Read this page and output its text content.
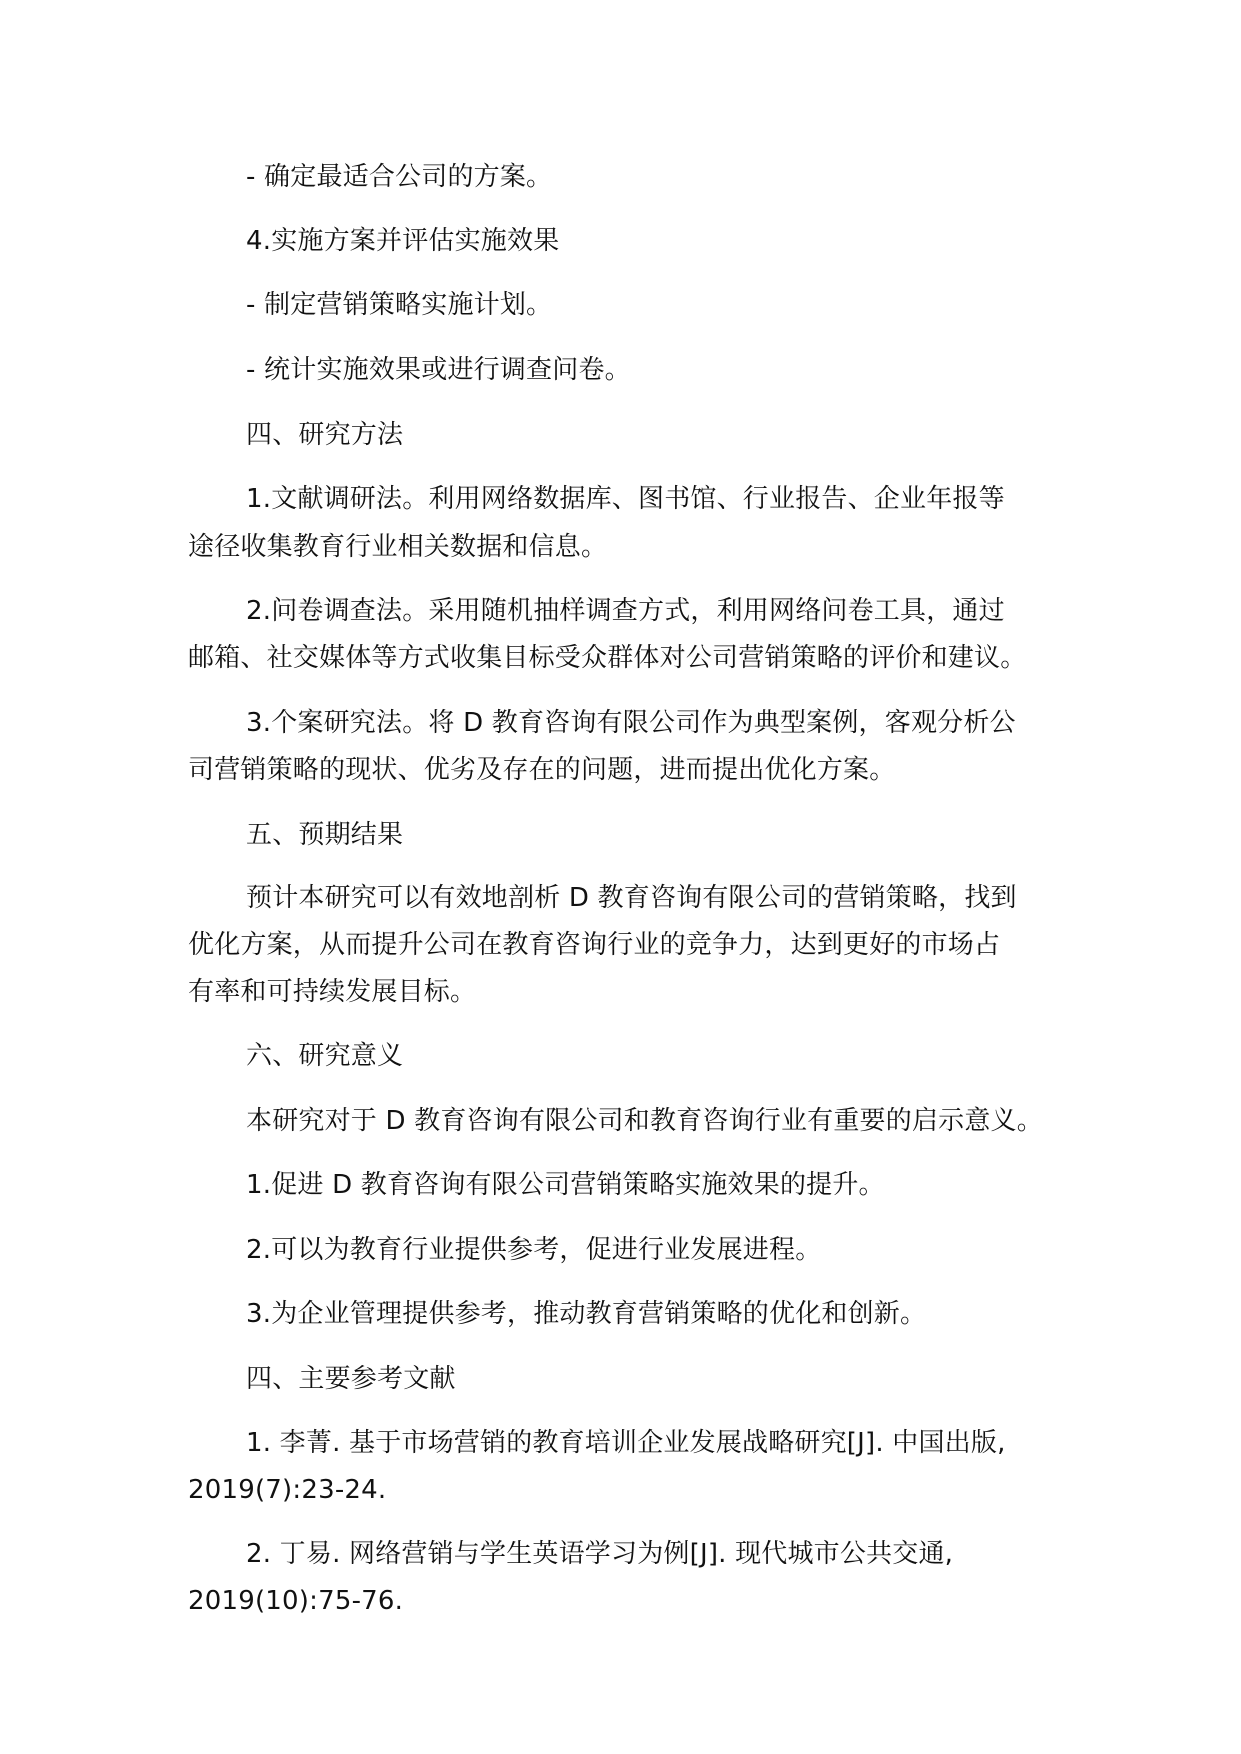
- 确定最适合公司的方案。
4.实施方案并评估实施效果
- 制定营销策略实施计划。
- 统计实施效果或进行调查问卷。
四、研究方法
1.文献调研法。利用网络数据库、图书馆、行业报告、企业年报等
途径收集教育行业相关数据和信息。
2.问卷调查法。采用随机抽样调查方式，利用网络问卷工具，通过
邮箱、社交媒体等方式收集目标受众群体对公司营销策略的评价和建议。
3.个案研究法。将 D 教育咨询有限公司作为典型案例，客观分析公
司营销策略的现状、优劣及存在的问题，进而提出优化方案。
五、预期结果
预计本研究可以有效地剖析 D 教育咨询有限公司的营销策略，找到
优化方案，从而提升公司在教育咨询行业的竞争力，达到更好的市场占
有率和可持续发展目标。
六、研究意义
本研究对于 D 教育咨询有限公司和教育咨询行业有重要的启示意义。
1.促进 D 教育咨询有限公司营销策略实施效果的提升。
2.可以为教育行业提供参考，促进行业发展进程。
3.为企业管理提供参考，推动教育营销策略的优化和创新。
四、主要参考文献
1. 李菁. 基于市场营销的教育培训企业发展战略研究[J]. 中国出版,
2019(7):23-24.
2. 丁易. 网络营销与学生英语学习为例[J]. 现代城市公共交通,
2019(10):75-76.
